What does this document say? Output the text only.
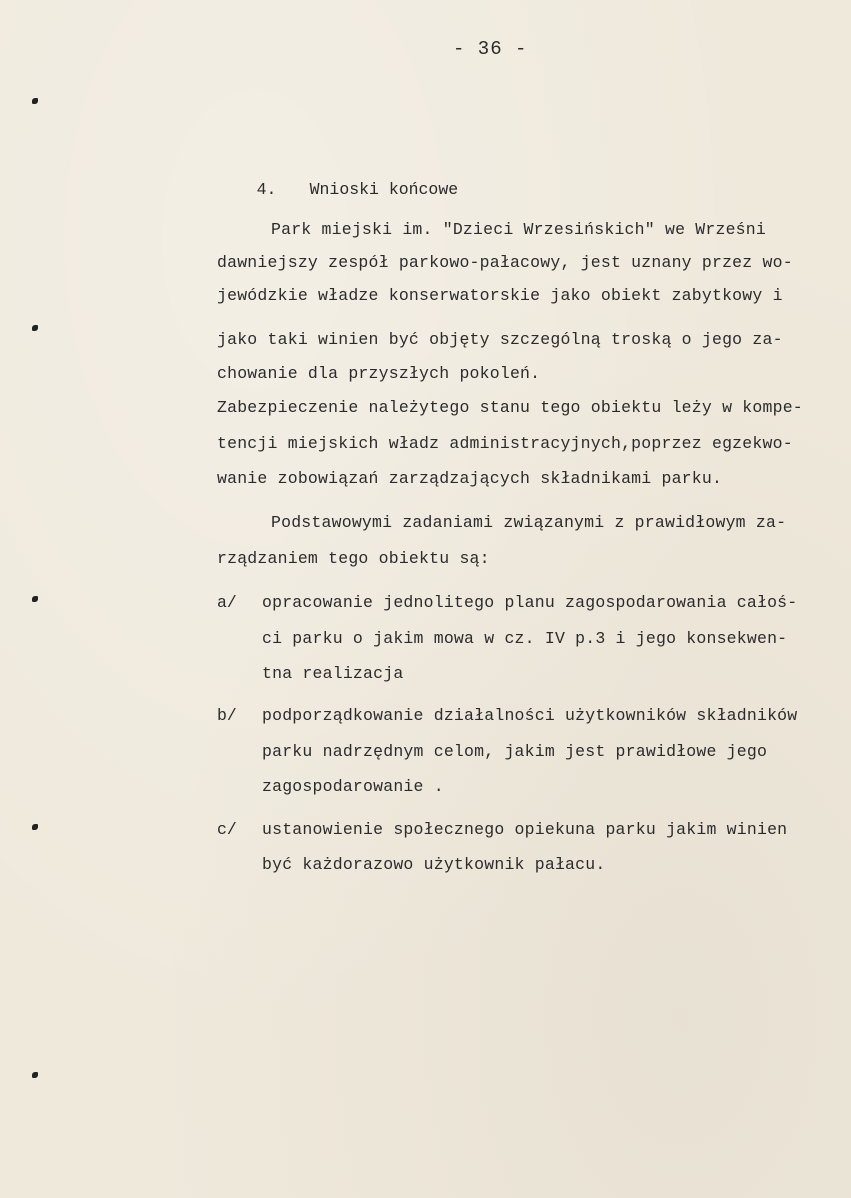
- 36 -

4. Wnioski końcowe

Park miejski im. "Dzieci Wrzesińskich" we Wrześni
dawniejszy zespół parkowo-pałacowy, jest uznany przez wo-
jewódzkie władze konserwatorskie jako obiekt zabytkowy i
jako taki winien być objęty szczególną troską o jego za-
chowanie dla przyszłych pokoleń.
Zabezpieczenie należytego stanu tego obiektu leży w kompe-
tencji miejskich władz administracyjnych,poprzez egzekwo-
wanie zobowiązań zarządzających składnikami parku.
Podstawowymi zadaniami związanymi z prawidłowym za-
rządzaniem tego obiektu są:
a/ opracowanie jednolitego planu zagospodarowania całoś-
ci parku o jakim mowa w cz. IV p.3 i jego konsekwen-
tna realizacja
b/ podporządkowanie działalności użytkowników składników
parku nadrzędnym celom, jakim jest prawidłowe jego
zagospodarowanie .
c/ ustanowienie społecznego opiekuna parku jakim winien
być każdorazowo użytkownik pałacu.
